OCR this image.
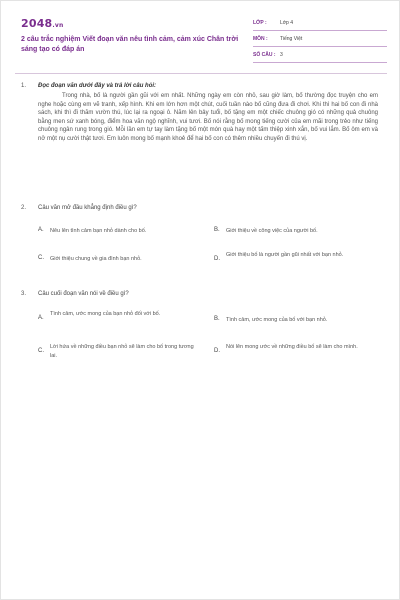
2048.vn
2 câu trắc nghiệm Viết đoạn văn nêu tình cảm, cảm xúc Chân trời sáng tạo có đáp án
LỚP :	Lớp 4
MÔN : Tiếng Việt
SỐ CÂU : 3
1. Đọc đoạn văn dưới đây và trả lời câu hỏi:

Trong nhà, bố là người gần gũi với em nhất. Những ngày em còn nhỏ, sau giờ làm, bố thường đọc truyện cho em nghe hoặc cùng em vẽ tranh, xếp hình. Khi em lớn hơn một chút, cuối tuần nào bố cũng đưa đi chơi. Khi thì hai bố con đi nhà sách, khi thì đi thăm vườn thú, lúc lại ra ngoại ô. Năm lên bảy tuổi, bố tặng em một chiếc chuông gió có những quả chuông bằng men sứ xanh bóng, điểm hoa văn ngộ nghĩnh, vui tươi. Bố nói rằng bố mong tiếng cười của em mãi trong trẻo như tiếng chuông ngân rung trong gió. Mỗi lần em tự tay làm tặng bố một món quà hay một tấm thiệp xinh xắn, bố vui lắm. Bố ôm em và nở một nụ cười thật tươi. Em luôn mong bố mạnh khoẻ để hai bố con có thêm nhiều chuyến đi thú vị.

2. Câu văn mở đầu khẳng định điều gì?
A. Nêu lên tình cảm bạn nhỏ dành cho bố.	B. Giới thiệu về công việc của người bố.
C. Giới thiệu chung về gia đình bạn nhỏ.	D.
Giới thiệu bố là người gần gũi nhất với bạn nhỏ.
3. Câu cuối đoạn văn nói về điều gì?
A.
Tình cảm, ước mong của bạn nhỏ đối với bố.
B. Tình cảm, ước mong của bố với bạn nhỏ.
C.
Lời hứa về những điều bạn nhỏ sẽ làm cho bố trong tương lai.
D.
Nói lên mong ước về những điều bố sẽ làm cho mình.
